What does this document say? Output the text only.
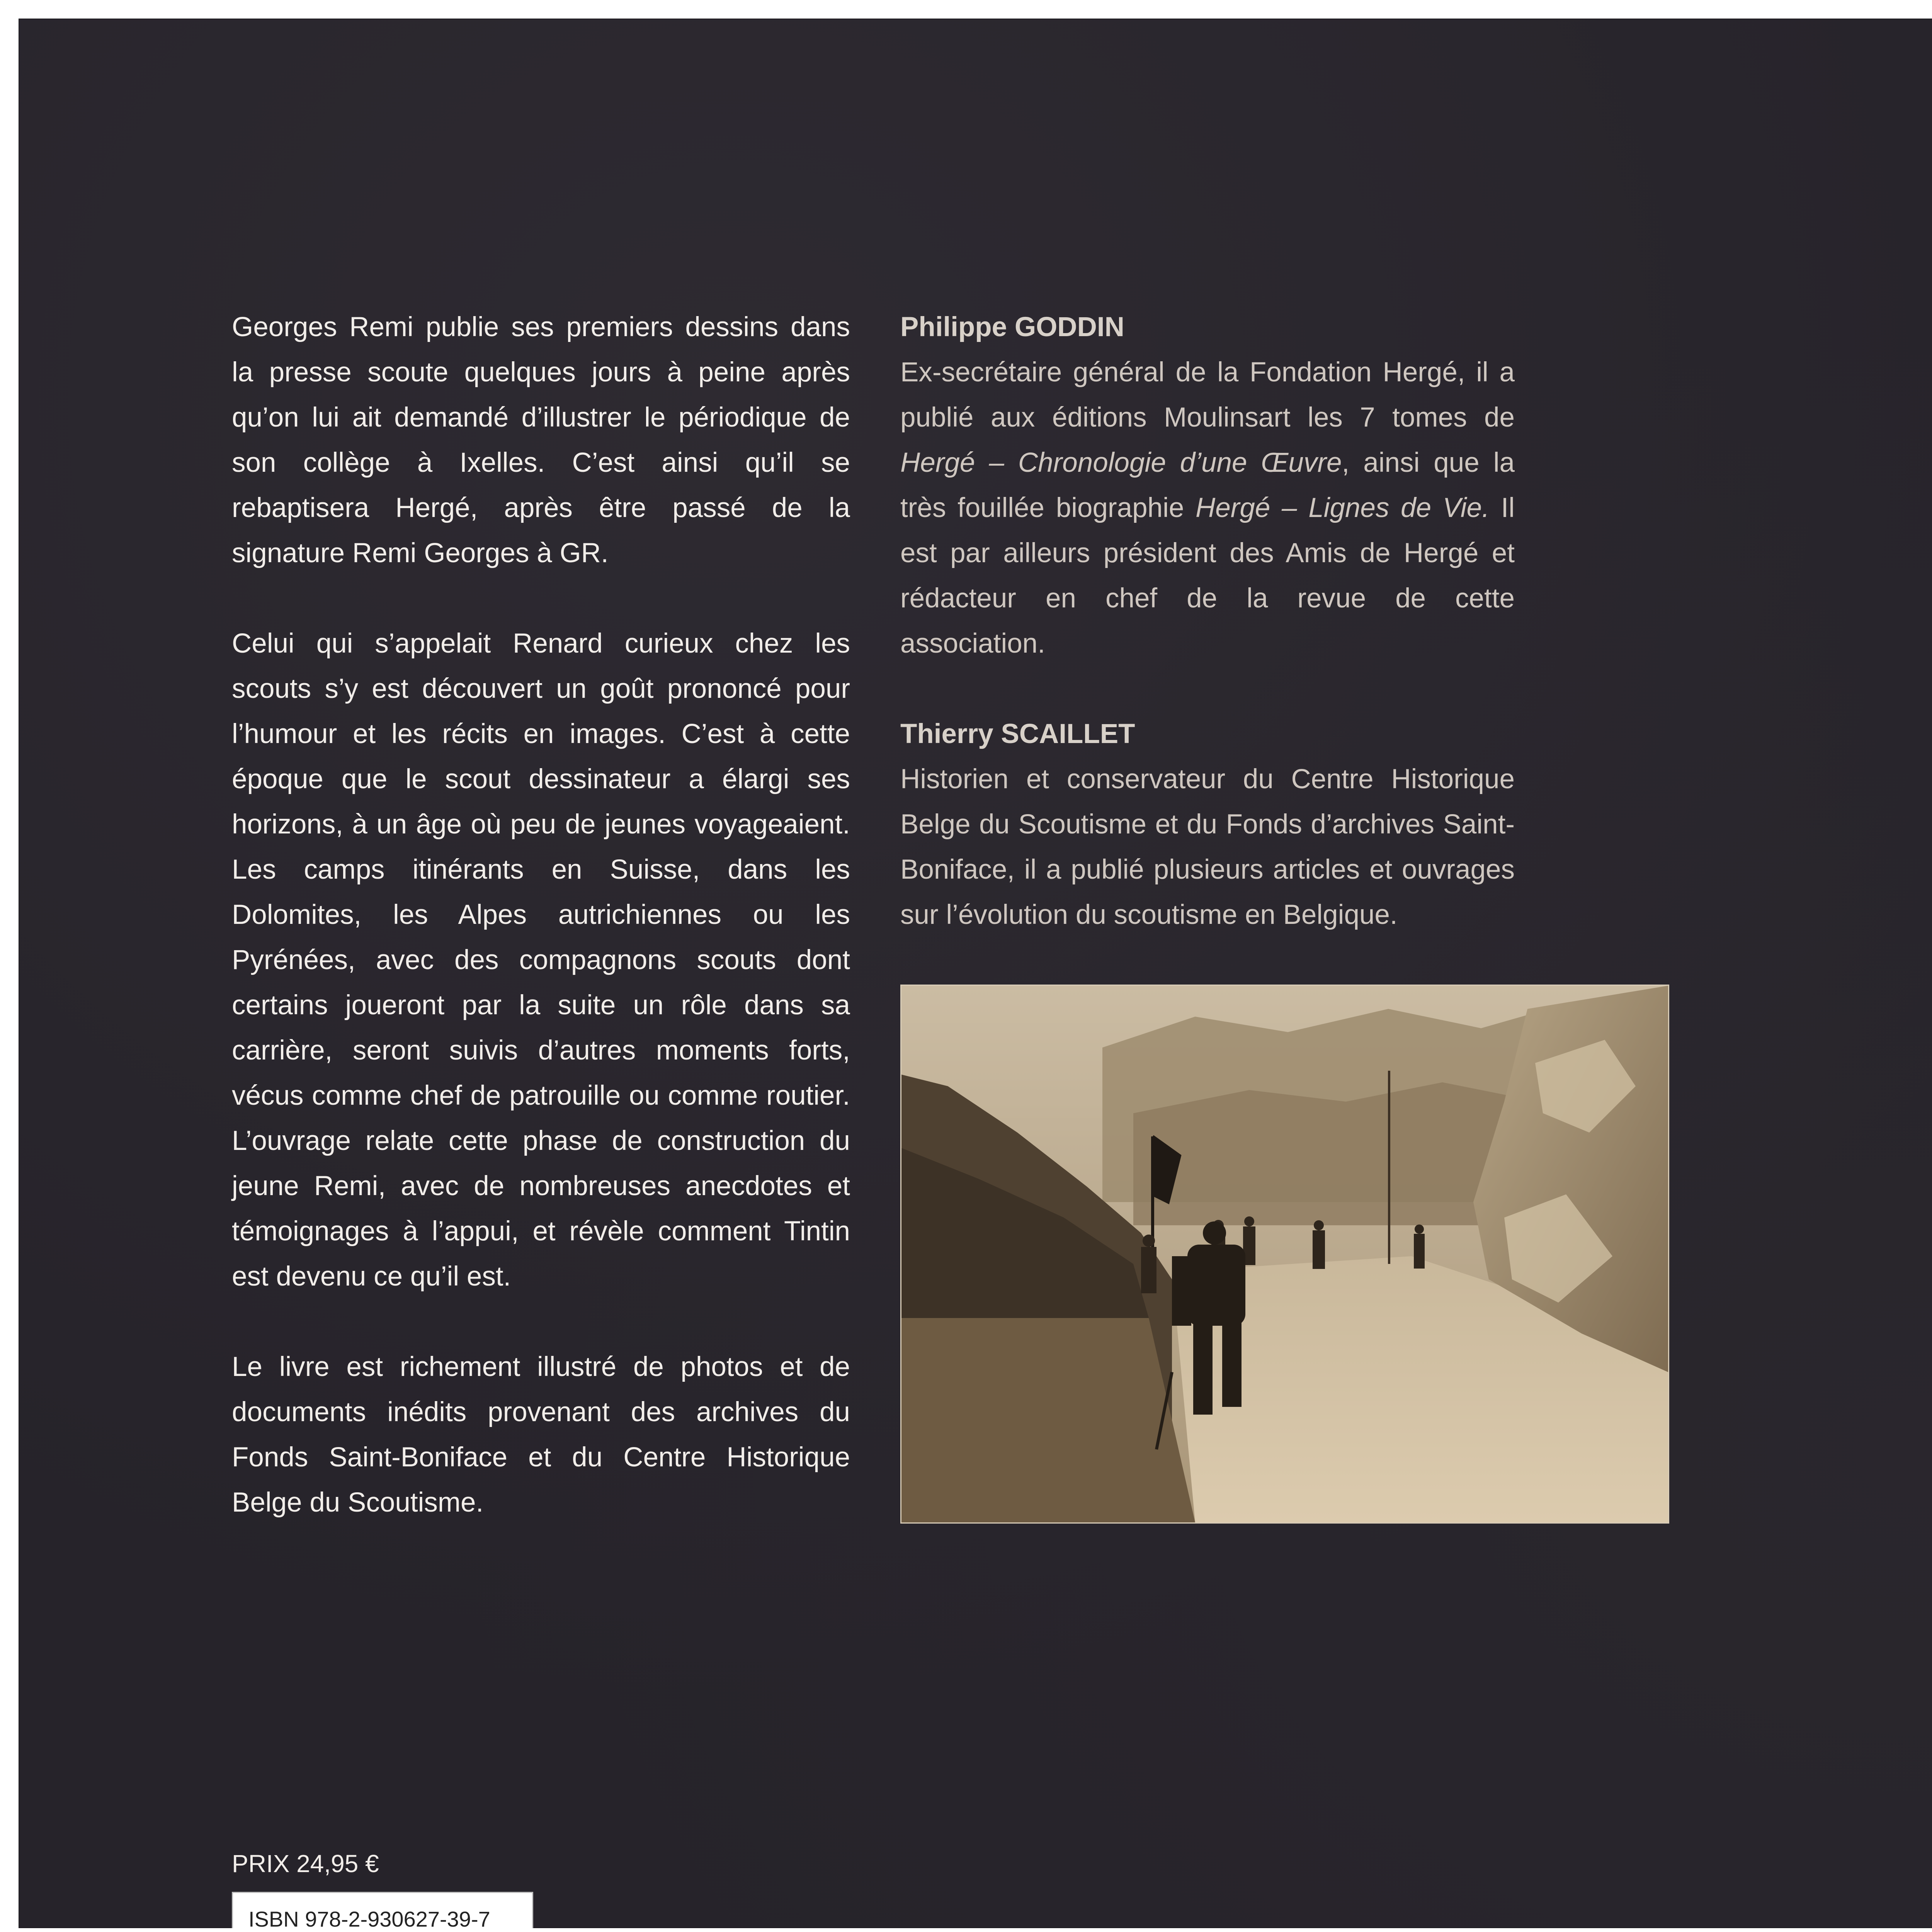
Georges Remi publie ses premiers dessins dans la presse scoute quelques jours à peine après qu’on lui ait demandé d’illustrer le périodique de son collège à Ixelles. C’est ainsi qu’il se rebaptisera Hergé, après être passé de la signature Remi Georges à GR.

Celui qui s’appelait Renard curieux chez les scouts s’y est découvert un goût prononcé pour l’humour et les récits en images. C’est à cette époque que le scout dessinateur a élargi ses horizons, à un âge où peu de jeunes voyageaient. Les camps itinérants en Suisse, dans les Dolomites, les Alpes autrichiennes ou les Pyrénées, avec des compagnons scouts dont certains joueront par la suite un rôle dans sa carrière, seront suivis d’autres moments forts, vécus comme chef de patrouille ou comme routier. L’ouvrage relate cette phase de construction du jeune Remi, avec de nombreuses anecdotes et témoignages à l’appui, et révèle comment Tintin est devenu ce qu’il est.

Le livre est richement illustré de photos et de documents inédits provenant des archives du Fonds Saint-Boniface et du Centre Historique Belge du Scoutisme.

Philippe GODDIN
Ex-secrétaire général de la Fondation Hergé, il a publié aux éditions Moulinsart les 7 tomes de Hergé – Chronologie d’une Œuvre, ainsi que la très fouillée biographie Hergé – Lignes de Vie. Il est par ailleurs président des Amis de Hergé et rédacteur en chef de la revue de cette association.
Thierry SCAILLET
Historien et conservateur du Centre Historique Belge du Scoutisme et du Fonds d’archives Saint-Boniface, il a publié plusieurs articles et ouvrages sur l’évolution du scoutisme en Belgique.
PRIX 24,95 €
ISBN 978-2-930627-39-7
